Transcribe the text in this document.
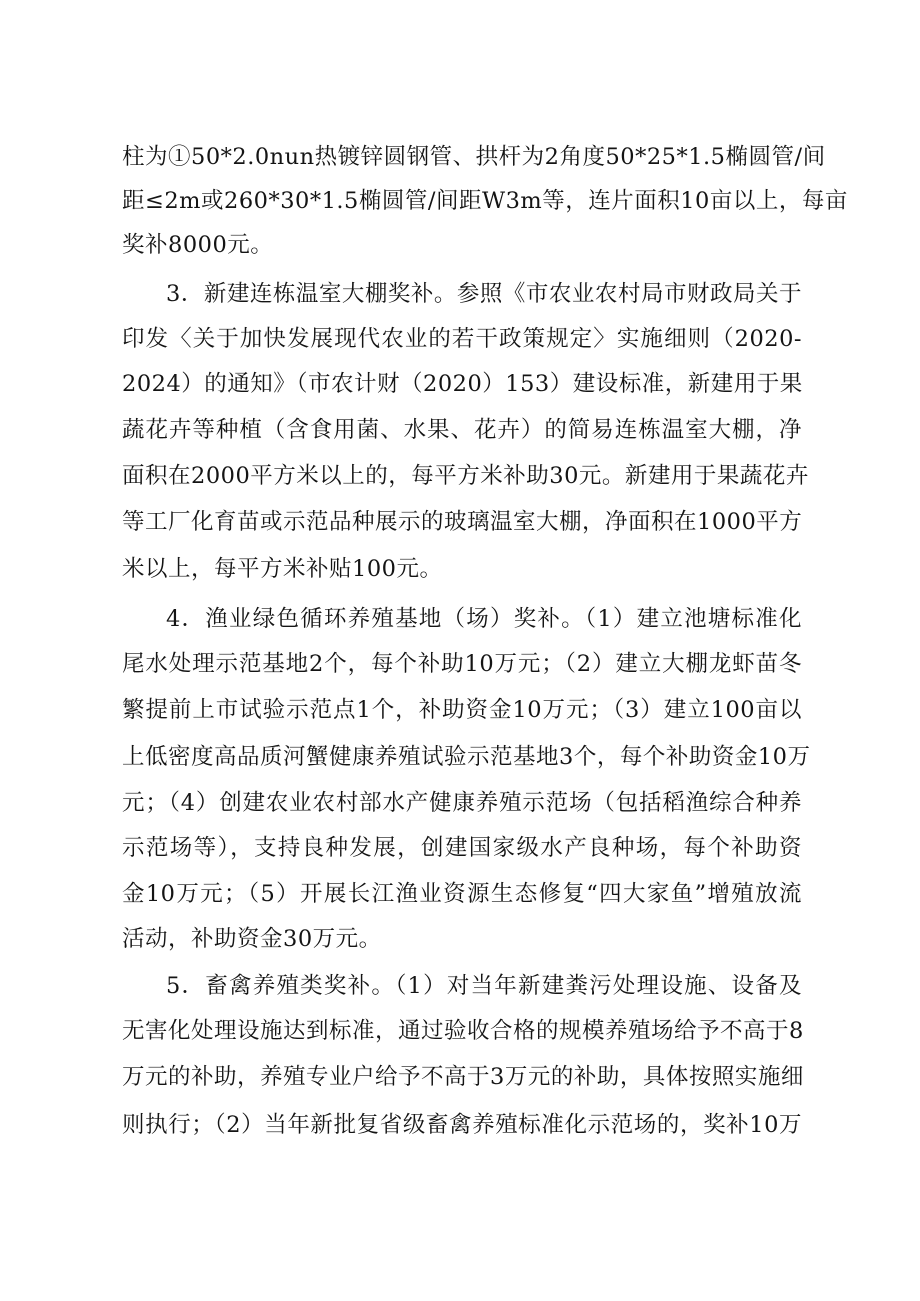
柱为①50*2.0nun热镀锌圆钢管、拱杆为2角度50*25*1.5椭圆管/间
距≤2m或260*30*1.5椭圆管/间距W3m等，连片面积10亩以上，每亩
奖补8000元。
3．新建连栋温室大棚奖补。参照《市农业农村局市财政局关于
印发〈关于加快发展现代农业的若干政策规定〉实施细则（2020-
2024）的通知》（市农计财（2020）153）建设标准，新建用于果
蔬花卉等种植（含食用菌、水果、花卉）的简易连栋温室大棚，净
面积在2000平方米以上的，每平方米补助30元。新建用于果蔬花卉
等工厂化育苗或示范品种展示的玻璃温室大棚，净面积在1000平方
米以上，每平方米补贴100元。
4．渔业绿色循环养殖基地（场）奖补。（1）建立池塘标准化
尾水处理示范基地2个，每个补助10万元；（2）建立大棚龙虾苗冬
繁提前上市试验示范点1个，补助资金10万元；（3）建立100亩以
上低密度高品质河蟹健康养殖试验示范基地3个，每个补助资金10万
元；（4）创建农业农村部水产健康养殖示范场（包括稻渔综合种养
示范场等），支持良种发展，创建国家级水产良种场，每个补助资
金10万元；（5）开展长江渔业资源生态修复“四大家鱼”增殖放流
活动，补助资金30万元。
5．畜禽养殖类奖补。（1）对当年新建粪污处理设施、设备及
无害化处理设施达到标准，通过验收合格的规模养殖场给予不高于8
万元的补助，养殖专业户给予不高于3万元的补助，具体按照实施细
则执行；（2）当年新批复省级畜禽养殖标准化示范场的，奖补10万
